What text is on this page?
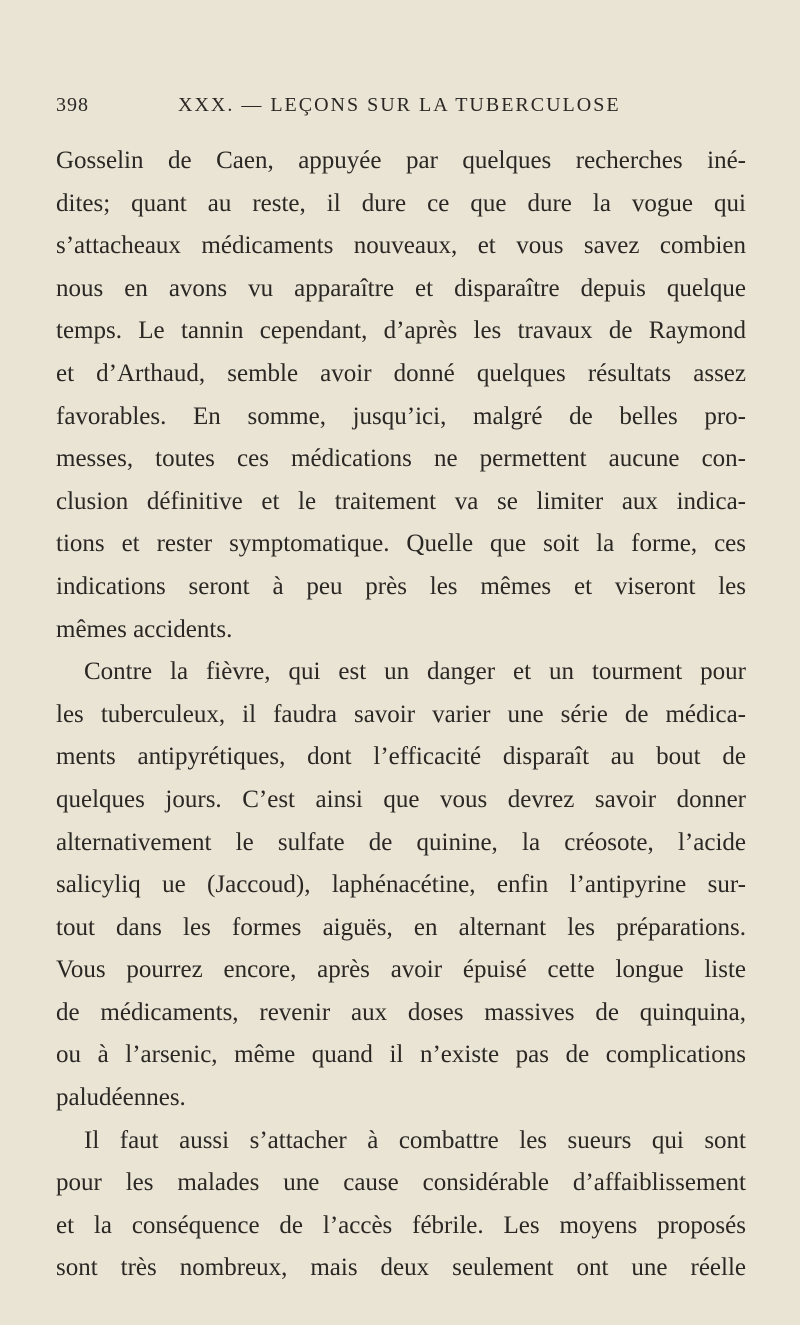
398	XXX. — LEÇONS SUR LA TUBERCULOSE
Gosselin de Caen, appuyée par quelques recherches iné-
dites; quant au reste, il dure ce que dure la vogue qui
s’attacheaux médicaments nouveaux, et vous savez combien
nous en avons vu apparaître et disparaître depuis quelque
temps. Le tannin cependant, d’après les travaux de Raymond
et d’Arthaud, semble avoir donné quelques résultats assez
favorables. En somme, jusqu’ici, malgré de belles pro-
messes, toutes ces médications ne permettent aucune con-
clusion définitive et le traitement va se limiter aux indica-
tions et rester symptomatique. Quelle que soit la forme, ces
indications seront à peu près les mêmes et viseront les
mêmes accidents.
Contre la fièvre, qui est un danger et un tourment pour
les tuberculeux, il faudra savoir varier une série de médica-
ments antipyrétiques, dont l’efficacité disparaît au bout de
quelques jours. C’est ainsi que vous devrez savoir donner
alternativement le sulfate de quinine, la créosote, l’acide
salicyliq ue (Jaccoud), laphénacétine, enfin l’antipyrine sur-
tout dans les formes aiguës, en alternant les préparations.
Vous pourrez encore, après avoir épuisé cette longue liste
de médicaments, revenir aux doses massives de quinquina,
ou à l’arsenic, même quand il n’existe pas de complications
paludéennes.
Il faut aussi s’attacher à combattre les sueurs qui sont
pour les malades une cause considérable d’affaiblissement
et la conséquence de l’accès fébrile. Les moyens proposés
sont très nombreux, mais deux seulement ont une réelle
